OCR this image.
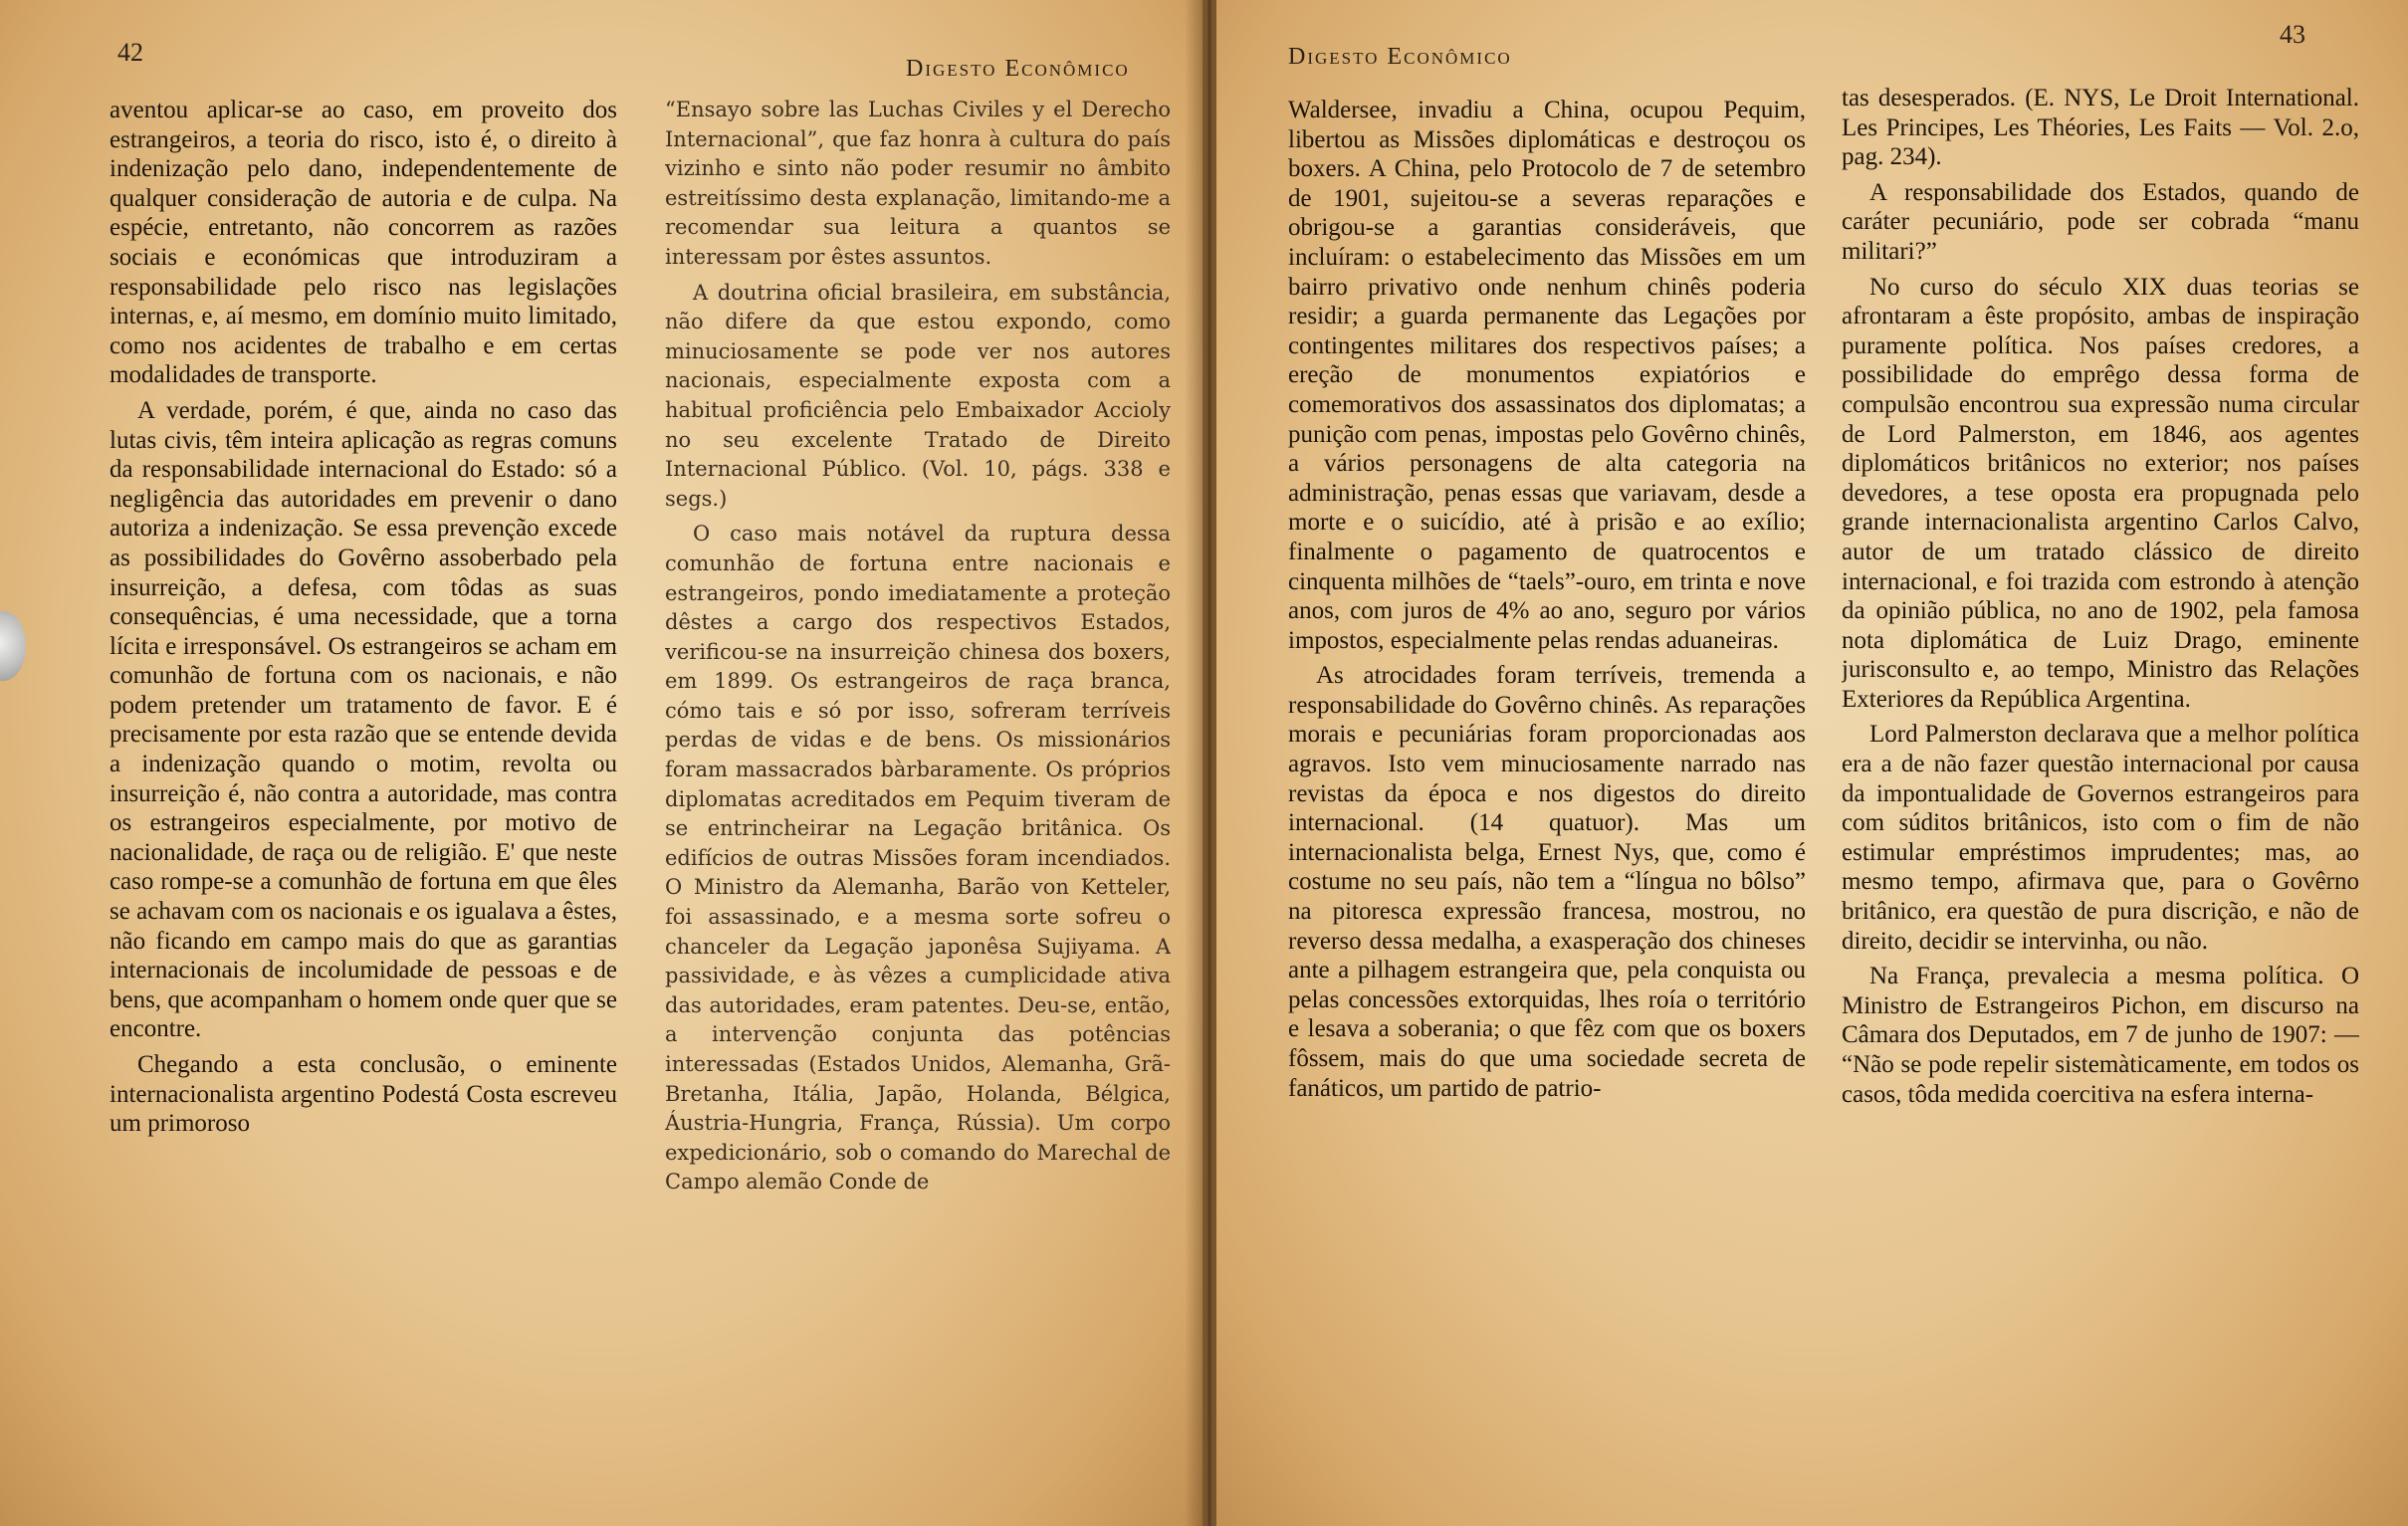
42
Digesto Econômico

aventou aplicar-se ao caso, em proveito dos estrangeiros, a teoria do risco, isto é, o direito à indenização pelo dano, independentemente de qualquer consideração de autoria e de culpa. Na espécie, entretanto, não concorrem as razões sociais e económicas que introduziram a responsabilidade pelo risco nas legislações internas, e, aí mesmo, em domínio muito limitado, como nos acidentes de trabalho e em certas modalidades de transporte.

A verdade, porém, é que, ainda no caso das lutas civis, têm inteira aplicação as regras comuns da responsabilidade internacional do Estado: só a negligência das autoridades em prevenir o dano autoriza a indenização. Se essa prevenção excede as possibilidades do Govêrno assoberbado pela insurreição, a defesa, com tôdas as suas consequências, é uma necessidade, que a torna lícita e irresponsável. Os estrangeiros se acham em comunhão de fortuna com os nacionais, e não podem pretender um tratamento de favor. E é precisamente por esta razão que se entende devida a indenização quando o motim, revolta ou insurreição é, não contra a autoridade, mas contra os estrangeiros especialmente, por motivo de nacionalidade, de raça ou de religião. E' que neste caso rompe-se a comunhão de fortuna em que êles se achavam com os nacionais e os igualava a êstes, não ficando em campo mais do que as garantias internacionais de incolumidade de pessoas e de bens, que acompanham o homem onde quer que se encontre.

Chegando a esta conclusão, o eminente internacionalista argentino Podestá Costa escreveu um primoroso

“Ensayo sobre las Luchas Civiles y el Derecho Internacional”, que faz honra à cultura do país vizinho e sinto não poder resumir no âmbito estreitíssimo desta explanação, limitando-me a recomendar sua leitura a quantos se interessam por êstes assuntos.

A doutrina oficial brasileira, em substância, não difere da que estou expondo, como minuciosamente se pode ver nos autores nacionais, especialmente exposta com a habitual proficiência pelo Embaixador Accioly no seu excelente Tratado de Direito Internacional Público. (Vol. 10, págs. 338 e segs.)

O caso mais notável da ruptura dessa comunhão de fortuna entre nacionais e estrangeiros, pondo imediatamente a proteção dêstes a cargo dos respectivos Estados, verificou-se na insurreição chinesa dos boxers, em 1899. Os estrangeiros de raça branca, cómo tais e só por isso, sofreram terríveis perdas de vidas e de bens. Os missionários foram massacrados bàrbaramente. Os próprios diplomatas acreditados em Pequim tiveram de se entrincheirar na Legação britânica. Os edifícios de outras Missões foram incendiados. O Ministro da Alemanha, Barão von Ketteler, foi assassinado, e a mesma sorte sofreu o chanceler da Legação japonêsa Sujiyama. A passividade, e às vêzes a cumplicidade ativa das autoridades, eram patentes. Deu-se, então, a intervenção conjunta das potências interessadas (Estados Unidos, Alemanha, Grã-Bretanha, Itália, Japão, Holanda, Bélgica, Áustria-Hungria, França, Rússia). Um corpo expedicionário, sob o comando do Marechal de Campo alemão Conde de

43
Digesto Econômico

Waldersee, invadiu a China, ocupou Pequim, libertou as Missões diplomáticas e destroçou os boxers. A China, pelo Protocolo de 7 de setembro de 1901, sujeitou-se a severas reparações e obrigou-se a garantias consideráveis, que incluíram: o estabelecimento das Missões em um bairro privativo onde nenhum chinês poderia residir; a guarda permanente das Legações por contingentes militares dos respectivos países; a ereção de monumentos expiatórios e comemorativos dos assassinatos dos diplomatas; a punição com penas, impostas pelo Govêrno chinês, a vários personagens de alta categoria na administração, penas essas que variavam, desde a morte e o suicídio, até à prisão e ao exílio; finalmente o pagamento de quatrocentos e cinquenta milhões de “taels”-ouro, em trinta e nove anos, com juros de 4% ao ano, seguro por vários impostos, especialmente pelas rendas aduaneiras.

As atrocidades foram terríveis, tremenda a responsabilidade do Govêrno chinês. As reparações morais e pecuniárias foram proporcionadas aos agravos. Isto vem minuciosamente narrado nas revistas da época e nos digestos do direito internacional. (14 quatuor). Mas um internacionalista belga, Ernest Nys, que, como é costume no seu país, não tem a “língua no bôlso” na pitoresca expressão francesa, mostrou, no reverso dessa medalha, a exasperação dos chineses ante a pilhagem estrangeira que, pela conquista ou pelas concessões extorquidas, lhes roía o território e lesava a soberania; o que fêz com que os boxers fôssem, mais do que uma sociedade secreta de fanáticos, um partido de patrio-

tas desesperados. (E. NYS, Le Droit International. Les Principes, Les Théories, Les Faits — Vol. 2.o, pag. 234).

A responsabilidade dos Estados, quando de caráter pecuniário, pode ser cobrada “manu militari?”

No curso do século XIX duas teorias se afrontaram a êste propósito, ambas de inspiração puramente política. Nos países credores, a possibilidade do emprêgo dessa forma de compulsão encontrou sua expressão numa circular de Lord Palmerston, em 1846, aos agentes diplomáticos britânicos no exterior; nos países devedores, a tese oposta era propugnada pelo grande internacionalista argentino Carlos Calvo, autor de um tratado clássico de direito internacional, e foi trazida com estrondo à atenção da opinião pública, no ano de 1902, pela famosa nota diplomática de Luiz Drago, eminente jurisconsulto e, ao tempo, Ministro das Relações Exteriores da República Argentina.

Lord Palmerston declarava que a melhor política era a de não fazer questão internacional por causa da impontualidade de Governos estrangeiros para com súditos britânicos, isto com o fim de não estimular empréstimos imprudentes; mas, ao mesmo tempo, afirmava que, para o Govêrno britânico, era questão de pura discrição, e não de direito, decidir se intervinha, ou não.

Na França, prevalecia a mesma política. O Ministro de Estrangeiros Pichon, em discurso na Câmara dos Deputados, em 7 de junho de 1907: — “Não se pode repelir sistemàticamente, em todos os casos, tôda medida coercitiva na esfera interna-
